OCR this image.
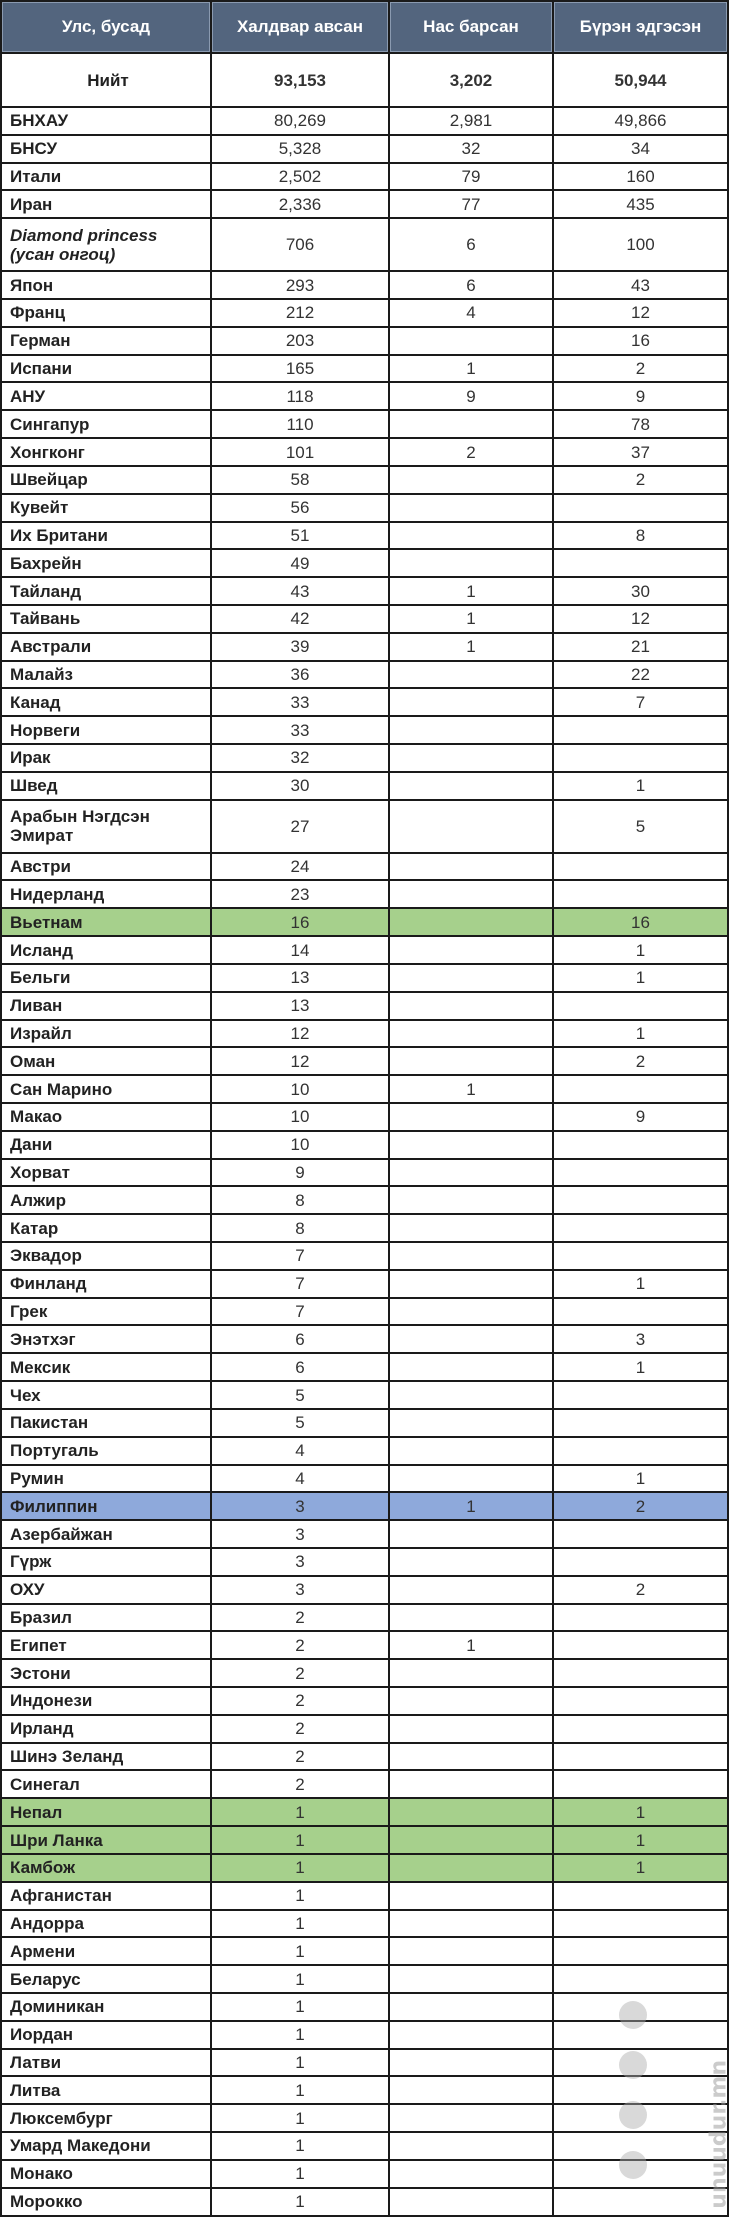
Улс, бусад	Халдвар авсан	Нас барсан	Бүрэн эдгэсэн
Нийт	93,153	3,202	50,944
БНХАУ	80,269	2,981	49,866
БНСУ	5,328	32	34
Итали	2,502	79	160
Иран	2,336	77	435
Diamond princess (усан онгоц)	706	6	100
Япон	293	6	43
Франц	212	4	12
Герман	203		16
Испани	165	1	2
АНУ	118	9	9
Сингапур	110		78
Хонгконг	101	2	37
Швейцар	58		2
Кувейт	56		
Их Британи	51		8
Бахрейн	49		
Тайланд	43	1	30
Тайвань	42	1	12
Австрали	39	1	21
Малайз	36		22
Канад	33		7
Норвеги	33		
Ирак	32		
Швед	30		1
Арабын Нэгдсэн Эмират	27		5
Австри	24		
Нидерланд	23		
Вьетнам	16		16
Исланд	14		1
Бельги	13		1
Ливан	13		
Израйл	12		1
Оман	12		2
Сан Марино	10	1	
Макао	10		9
Дани	10		
Хорват	9		
Алжир	8		
Катар	8		
Эквадор	7		
Финланд	7		1
Грек	7		
Энэтхэг	6		3
Мексик	6		1
Чех	5		
Пакистан	5		
Португаль	4		
Румин	4		1
Филиппин	3	1	2
Азербайжан	3		
Гүрж	3		
ОХУ	3		2
Бразил	2		
Египет	2	1	
Эстони	2		
Индонези	2		
Ирланд	2		
Шинэ Зеланд	2		
Синегал	2		
Непал	1		1
Шри Ланка	1		1
Камбож	1		1
Афганистан	1		
Андорра	1		
Армени	1		
Беларус	1		
Доминикан	1		
Иордан	1		
Латви	1		
Литва	1		
Люксембург	1		
Умард Македони	1		
Монако	1		
Морокко	1			unuudur.mn
